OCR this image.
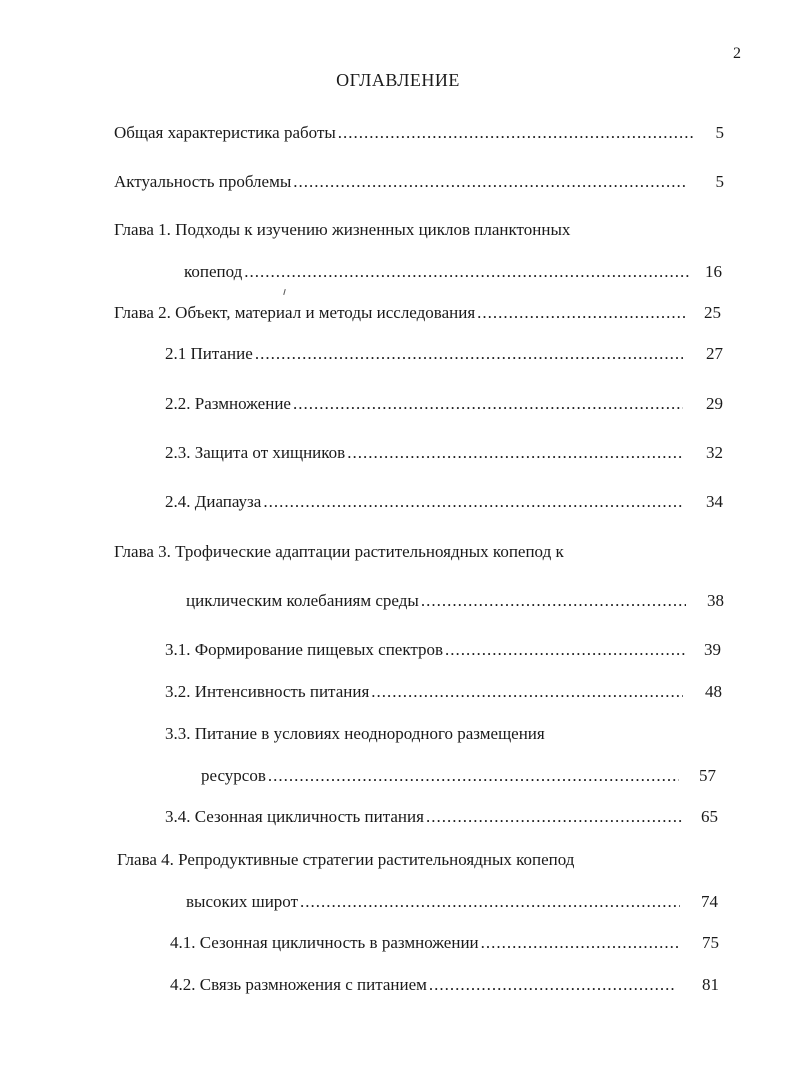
2
ОГЛАВЛЕНИЕ
Общая характеристика работы .....	5
Актуальность проблемы .....	5
Глава 1. Подходы к изучению жизненных циклов планктонных
копепод .....	16
Глава 2. Объект, материал и методы исследования .....	25
2.1 Питание .....	27
2.2. Размножение .....	29
2.3. Защита от хищников .....	32
2.4. Диапауза .....	34
Глава 3. Трофические адаптации растительноядных копепод к
циклическим колебаниям среды .....	38
3.1. Формирование пищевых спектров .....	39
3.2. Интенсивность питания .....	48
3.3. Питание в условиях неоднородного размещения
ресурсов .....	57
3.4. Сезонная цикличность питания .....	65
Глава 4. Репродуктивные стратегии растительноядных копепод
высоких широт .....	74
4.1. Сезонная цикличность в размножении .....	75
4.2. Связь размножения с питанием .....	81
